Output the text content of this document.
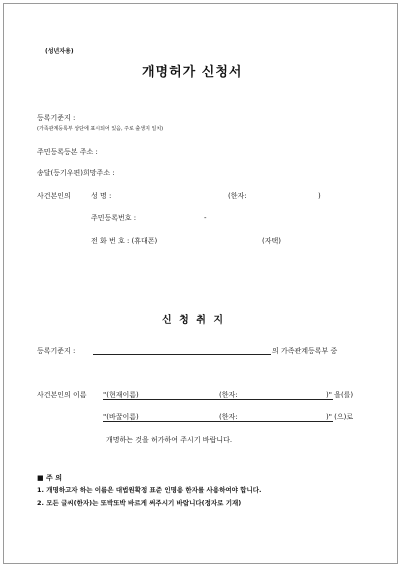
(성년자용)
개명허가 신청서
등록기준지 :
(가족관계등록부 상단에 표시되어 있음, 주로 출생지 일치)
주민등록등본 주소 :
송달(등기우편)희망주소 :
사건본인의	성 명 :	(한자:	)
주민등록번호 :	-
전 화 번 호 : (휴대폰)	(자택)
신 청 취 지
등록기준지 :	의 가족관계등록부 중
사건본인의 이름 "(현재이름)	(한자:	)" 을(를)
"(바꿀이름)	(한자:	)" (으)로
개명하는 것을 허가하여 주시기 바랍니다.
■ 주 의
1. 개명하고자 하는 이름은 대법원확정 표준 인명용 한자를 사용하여야 합니다.
2. 모든 글씨(한자)는 또박또박 바르게 써주시기 바랍니다(정자로 기재)
